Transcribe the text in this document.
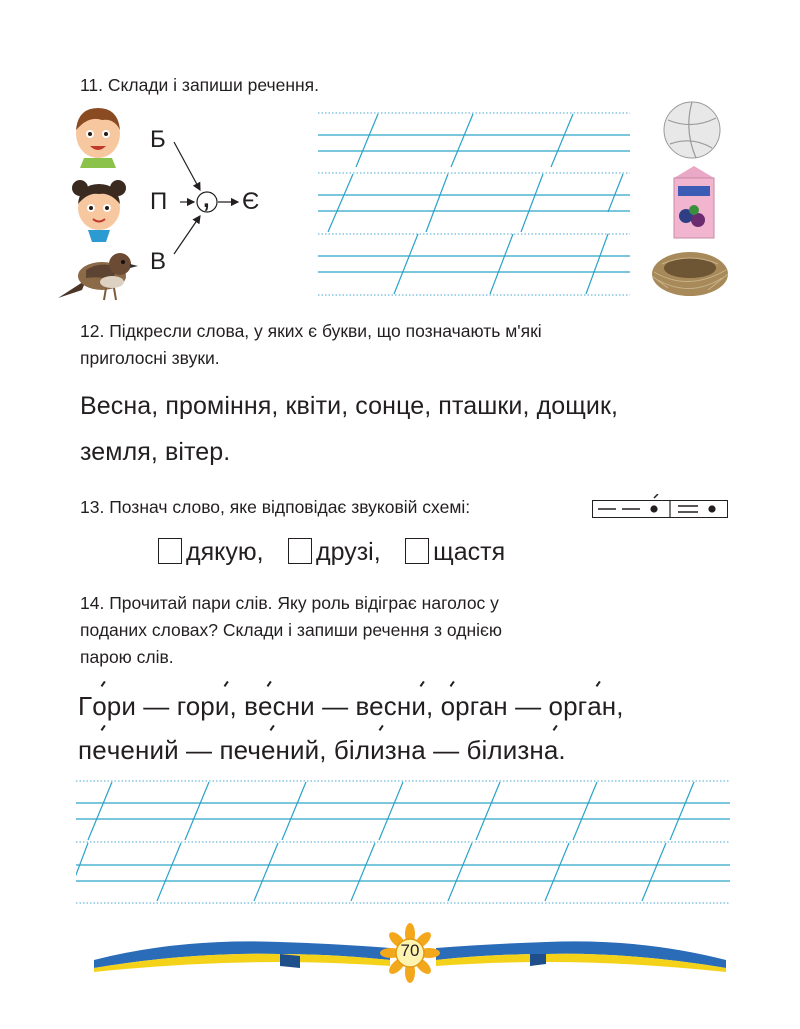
11. Склади і запиши речення.
Б
П
В
, Є
12. Підкресли слова, у яких є букви, що позначають м'які
приголосні звуки.
Весна, проміння, квіти, сонце, пташки, дощик,
земля, вітер.
13. Познач слово, яке відповідає звуковій схемі:
дякую, друзі, щастя
14. Прочитай пари слів. Яку роль відіграє наголос у
поданих словах? Склади і запиши речення з однією
парою слів.
Гори — гори, весни — весни, орган — орган,
печений — печений, білизна — білизна.
70
